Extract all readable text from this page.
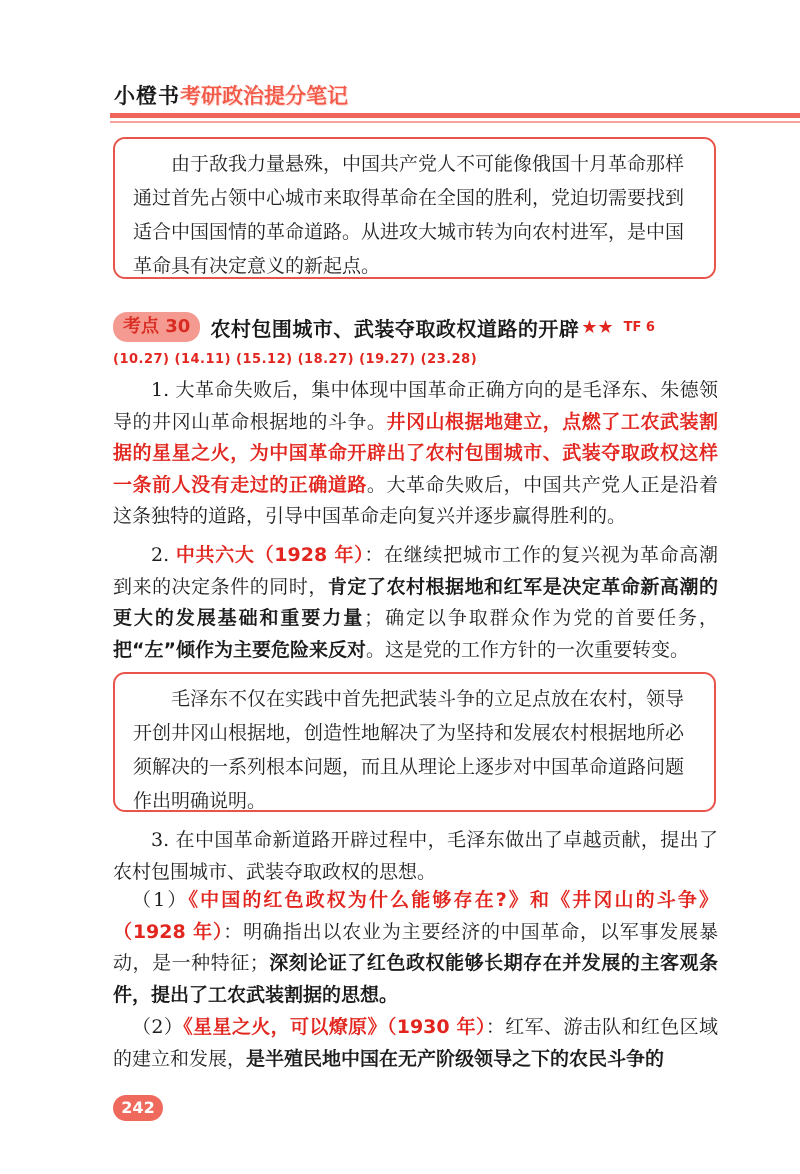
小橙书 考研政治提分笔记

由于敌我力量悬殊，中国共产党人不可能像俄国十月革命那样通过首先占领中心城市来取得革命在全国的胜利，党迫切需要找到适合中国国情的革命道路。从进攻大城市转为向农村进军，是中国革命具有决定意义的新起点。

考点 30	农村包围城市、武装夺取政权道路的开辟 ★★ TF 6
(10.27) (14.11) (15.12) (18.27) (19.27) (23.28)
1. 大革命失败后，集中体现中国革命正确方向的是毛泽东、朱德领导的井冈山革命根据地的斗争。井冈山根据地建立，点燃了工农武装割据的星星之火，为中国革命开辟出了农村包围城市、武装夺取政权这样一条前人没有走过的正确道路。大革命失败后，中国共产党人正是沿着这条独特的道路，引导中国革命走向复兴并逐步赢得胜利的。
2. 中共六大（1928 年）：在继续把城市工作的复兴视为革命高潮到来的决定条件的同时，肯定了农村根据地和红军是决定革命新高潮的更大的发展基础和重要力量；确定以争取群众作为党的首要任务，把“左”倾作为主要危险来反对。这是党的工作方针的一次重要转变。

毛泽东不仅在实践中首先把武装斗争的立足点放在农村，领导开创井冈山根据地，创造性地解决了为坚持和发展农村根据地所必须解决的一系列根本问题，而且从理论上逐步对中国革命道路问题作出明确说明。

3. 在中国革命新道路开辟过程中，毛泽东做出了卓越贡献，提出了农村包围城市、武装夺取政权的思想。
（1）《中国的红色政权为什么能够存在?》和《井冈山的斗争》（1928 年）：明确指出以农业为主要经济的中国革命，以军事发展暴动，是一种特征；深刻论证了红色政权能够长期存在并发展的主客观条件，提出了工农武装割据的思想。
（2）《星星之火，可以燎原》（1930 年）：红军、游击队和红色区域的建立和发展，是半殖民地中国在无产阶级领导之下的农民斗争的
242
